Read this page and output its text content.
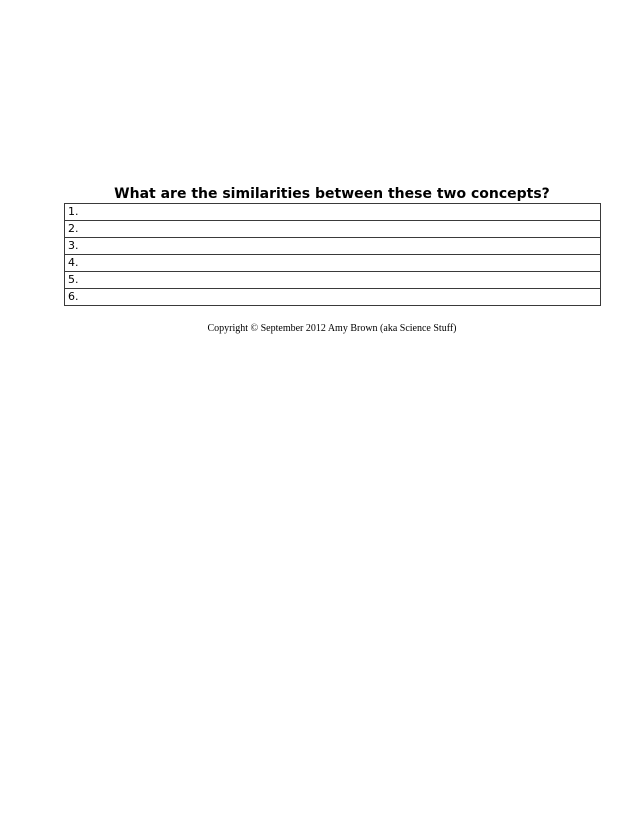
What are the similarities between these two concepts?
1.
2.
3.
4.
5.
6.
Copyright © September 2012 Amy Brown (aka Science Stuff)
